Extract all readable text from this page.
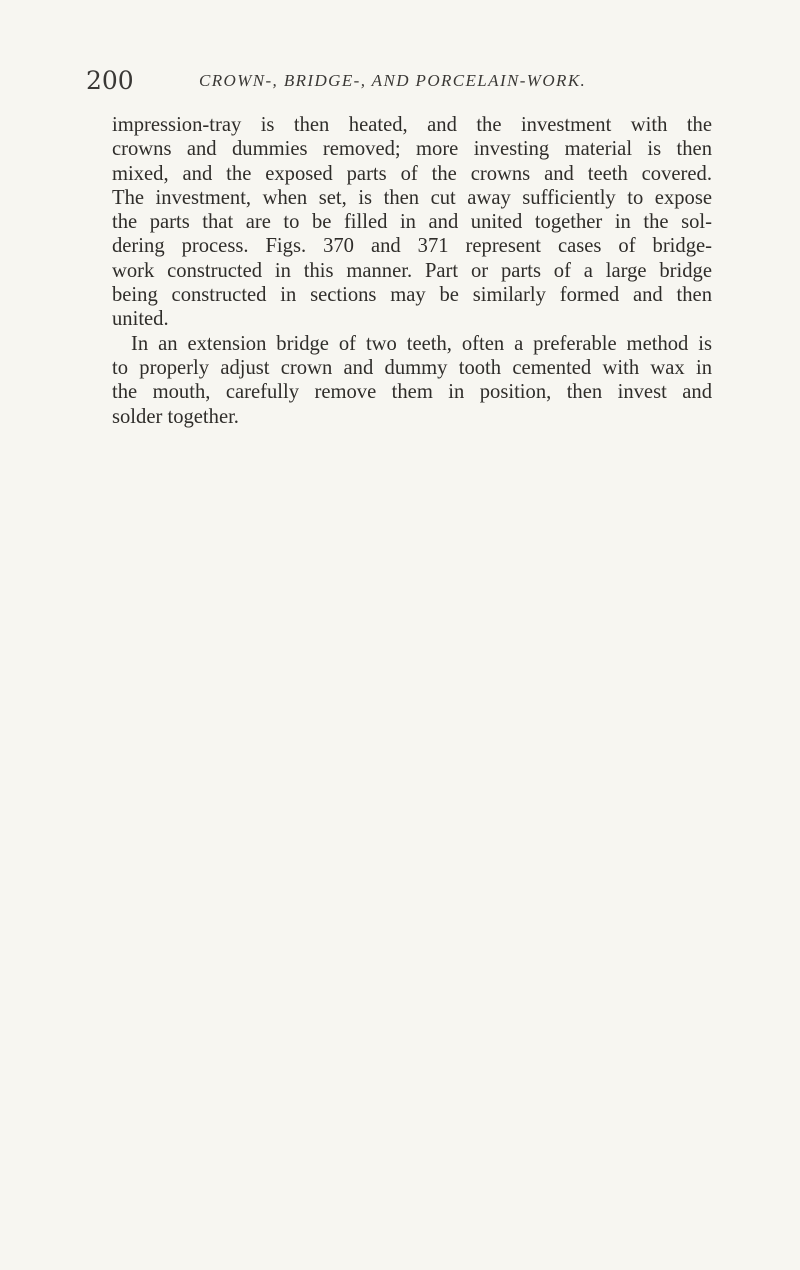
200	CROWN-, BRIDGE-, AND PORCELAIN-WORK.
impression-tray is then heated, and the investment with the
crowns and dummies removed; more investing material is then
mixed, and the exposed parts of the crowns and teeth covered.
The investment, when set, is then cut away sufficiently to expose
the parts that are to be filled in and united together in the sol-
dering process. Figs. 370 and 371 represent cases of bridge-
work constructed in this manner. Part or parts of a large bridge
being constructed in sections may be similarly formed and then
united.
In an extension bridge of two teeth, often a preferable method is
to properly adjust crown and dummy tooth cemented with wax in
the mouth, carefully remove them in position, then invest and
solder together.
